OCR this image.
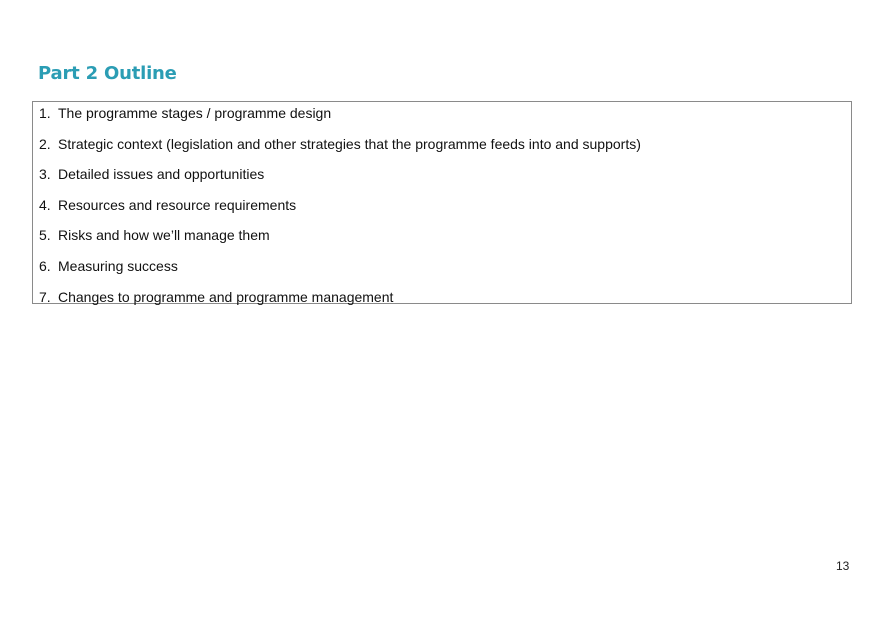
Part 2 Outline
1. The programme stages / programme design
2. Strategic context (legislation and other strategies that the programme feeds into and supports)
3. Detailed issues and opportunities
4. Resources and resource requirements
5. Risks and how we’ll manage them
6. Measuring success
7. Changes to programme and programme management
13
